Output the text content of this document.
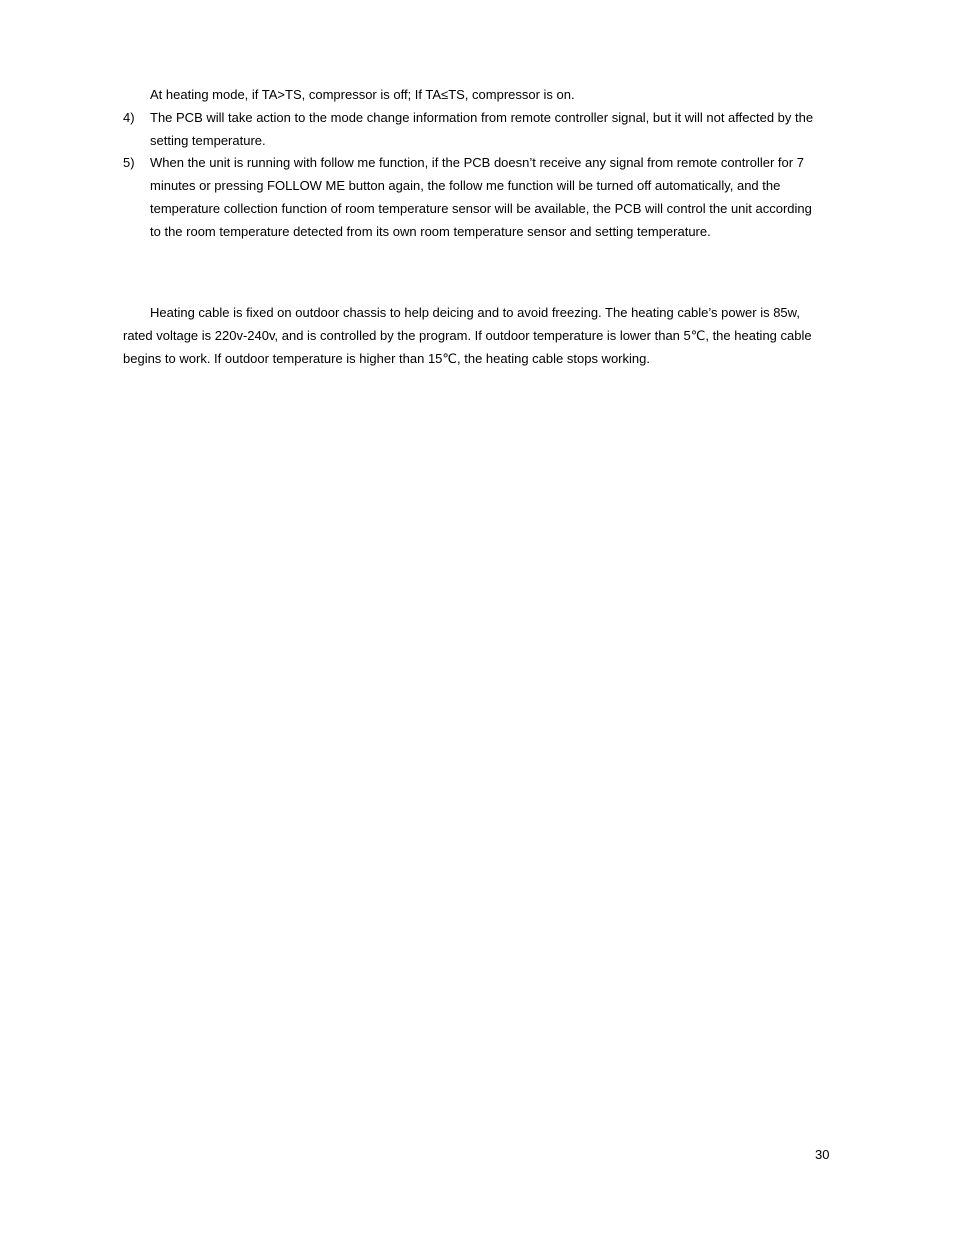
At heating mode, if TA>TS, compressor is off; If TA≤TS, compressor is on.
4) The PCB will take action to the mode change information from remote controller signal, but it will not affected by the
setting temperature.
5) When the unit is running with follow me function, if the PCB doesn’t receive any signal from remote controller for 7
minutes or pressing FOLLOW ME button again, the follow me function will be turned off automatically, and the
temperature collection function of room temperature sensor will be available, the PCB will control the unit according
to the room temperature detected from its own room temperature sensor and setting temperature.
Heating cable is fixed on outdoor chassis to help deicing and to avoid freezing. The heating cable’s power is 85w,
rated voltage is 220v-240v, and is controlled by the program. If outdoor temperature is lower than 5℃, the heating cable
begins to work. If outdoor temperature is higher than 15℃, the heating cable stops working.
30
